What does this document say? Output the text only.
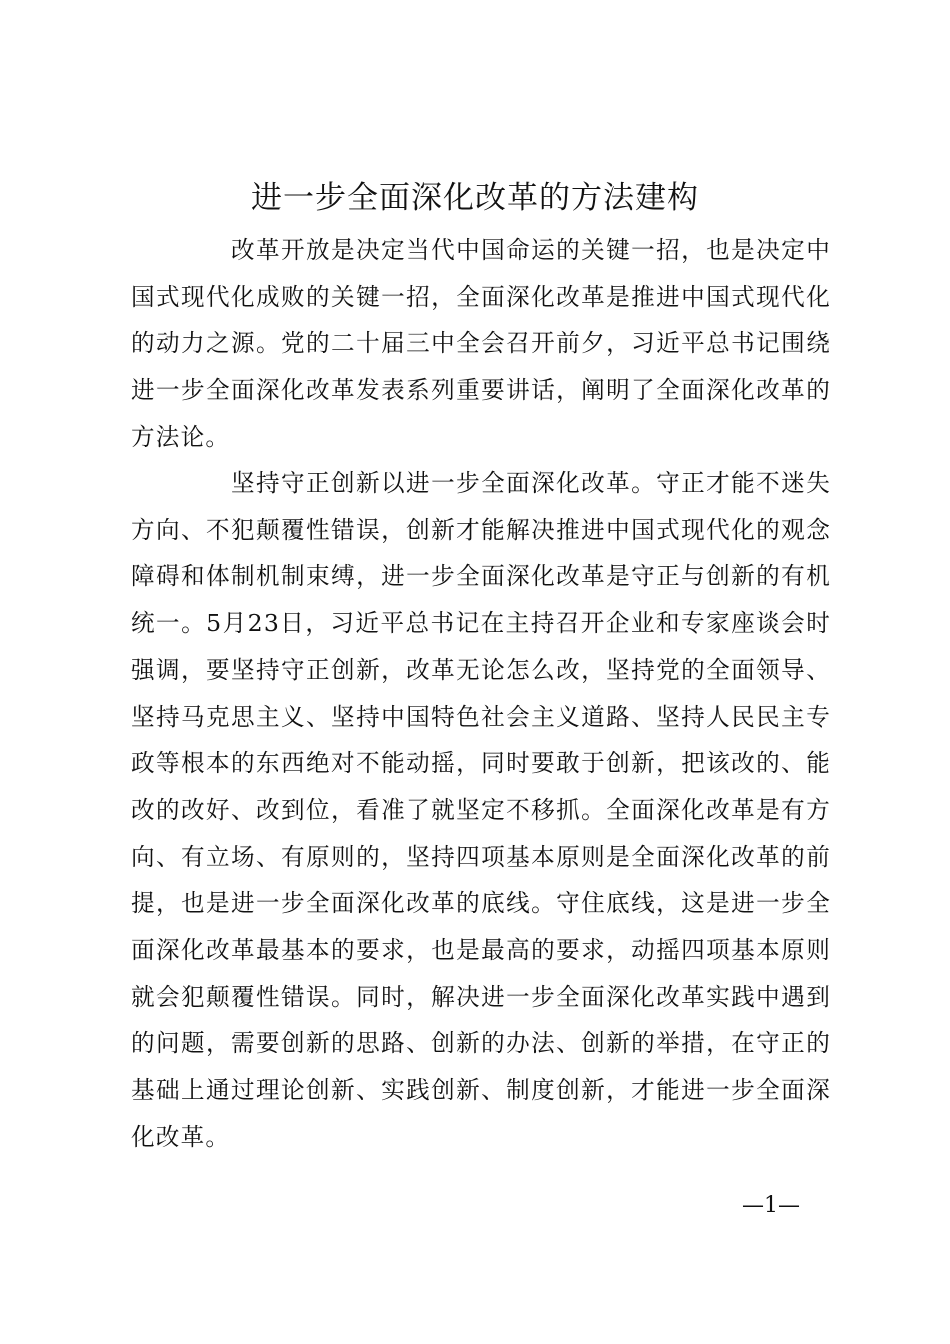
进一步全面深化改革的方法建构

改革开放是决定当代中国命运的关键一招，也是决定中国式现代化成败的关键一招，全面深化改革是推进中国式现代化的动力之源。党的二十届三中全会召开前夕，习近平总书记围绕进一步全面深化改革发表系列重要讲话，阐明了全面深化改革的方法论。

坚持守正创新以进一步全面深化改革。守正才能不迷失方向、不犯颠覆性错误，创新才能解决推进中国式现代化的观念障碍和体制机制束缚，进一步全面深化改革是守正与创新的有机统一。5月23日，习近平总书记在主持召开企业和专家座谈会时强调，要坚持守正创新，改革无论怎么改，坚持党的全面领导、坚持马克思主义、坚持中国特色社会主义道路、坚持人民民主专政等根本的东西绝对不能动摇，同时要敢于创新，把该改的、能改的改好、改到位，看准了就坚定不移抓。全面深化改革是有方向、有立场、有原则的，坚持四项基本原则是全面深化改革的前提，也是进一步全面深化改革的底线。守住底线，这是进一步全面深化改革最基本的要求，也是最高的要求，动摇四项基本原则就会犯颠覆性错误。同时，解决进一步全面深化改革实践中遇到的问题，需要创新的思路、创新的办法、创新的举措，在守正的基础上通过理论创新、实践创新、制度创新，才能进一步全面深化改革。

—1—
